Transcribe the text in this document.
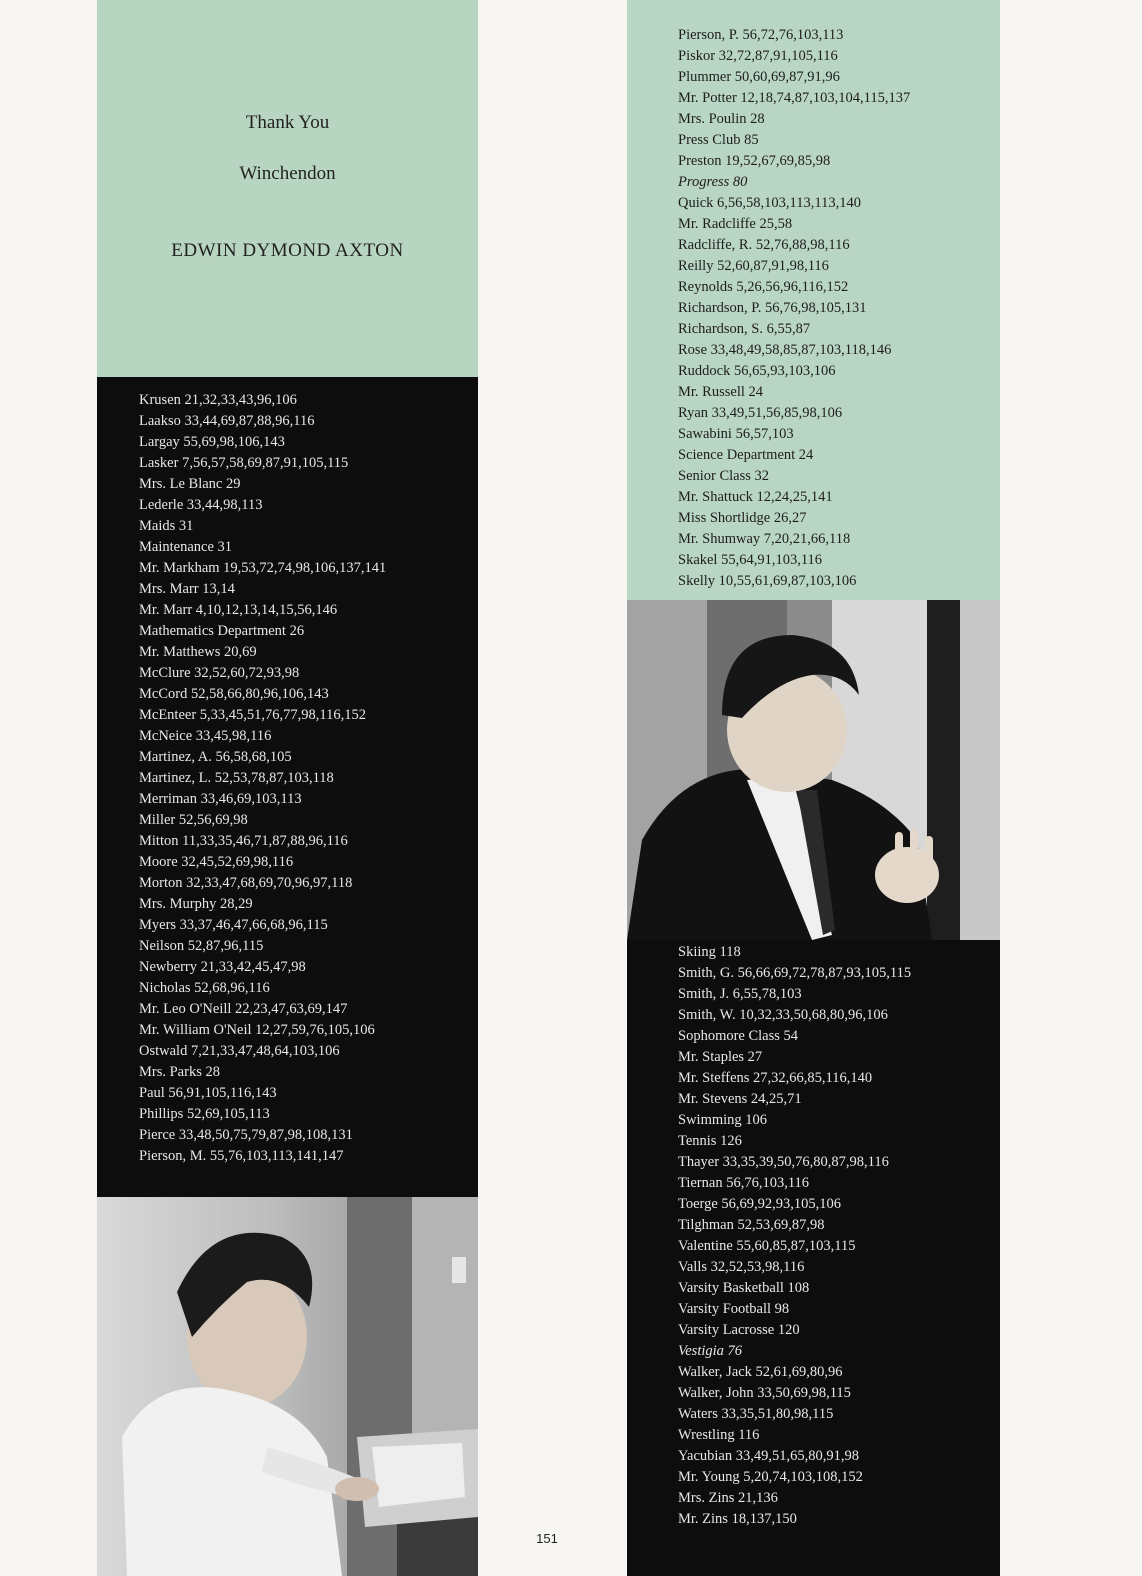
Thank You
Winchendon
EDWIN DYMOND AXTON
Krusen 21,32,33,43,96,106
Laakso 33,44,69,87,88,96,116
Largay 55,69,98,106,143
Lasker 7,56,57,58,69,87,91,105,115
Mrs. Le Blanc 29
Lederle 33,44,98,113
Maids 31
Maintenance 31
Mr. Markham 19,53,72,74,98,106,137,141
Mrs. Marr 13,14
Mr. Marr 4,10,12,13,14,15,56,146
Mathematics Department 26
Mr. Matthews 20,69
McClure 32,52,60,72,93,98
McCord 52,58,66,80,96,106,143
McEnteer 5,33,45,51,76,77,98,116,152
McNeice 33,45,98,116
Martinez, A. 56,58,68,105
Martinez, L. 52,53,78,87,103,118
Merriman 33,46,69,103,113
Miller 52,56,69,98
Mitton 11,33,35,46,71,87,88,96,116
Moore 32,45,52,69,98,116
Morton 32,33,47,68,69,70,96,97,118
Mrs. Murphy 28,29
Myers 33,37,46,47,66,68,96,115
Neilson 52,87,96,115
Newberry 21,33,42,45,47,98
Nicholas 52,68,96,116
Mr. Leo O'Neill 22,23,47,63,69,147
Mr. William O'Neil 12,27,59,76,105,106
Ostwald 7,21,33,47,48,64,103,106
Mrs. Parks 28
Paul 56,91,105,116,143
Phillips 52,69,105,113
Pierce 33,48,50,75,79,87,98,108,131
Pierson, M. 55,76,103,113,141,147
Pierson, P. 56,72,76,103,113
Piskor 32,72,87,91,105,116
Plummer 50,60,69,87,91,96
Mr. Potter 12,18,74,87,103,104,115,137
Mrs. Poulin 28
Press Club 85
Preston 19,52,67,69,85,98
Progress 80
Quick 6,56,58,103,113,113,140
Mr. Radcliffe 25,58
Radcliffe, R. 52,76,88,98,116
Reilly 52,60,87,91,98,116
Reynolds 5,26,56,96,116,152
Richardson, P. 56,76,98,105,131
Richardson, S. 6,55,87
Rose 33,48,49,58,85,87,103,118,146
Ruddock 56,65,93,103,106
Mr. Russell 24
Ryan 33,49,51,56,85,98,106
Sawabini 56,57,103
Science Department 24
Senior Class 32
Mr. Shattuck 12,24,25,141
Miss Shortlidge 26,27
Mr. Shumway 7,20,21,66,118
Skakel 55,64,91,103,116
Skelly 10,55,61,69,87,103,106
Skiing 118
Smith, G. 56,66,69,72,78,87,93,105,115
Smith, J. 6,55,78,103
Smith, W. 10,32,33,50,68,80,96,106
Sophomore Class 54
Mr. Staples 27
Mr. Steffens 27,32,66,85,116,140
Mr. Stevens 24,25,71
Swimming 106
Tennis 126
Thayer 33,35,39,50,76,80,87,98,116
Tiernan 56,76,103,116
Toerge 56,69,92,93,105,106
Tilghman 52,53,69,87,98
Valentine 55,60,85,87,103,115
Valls 32,52,53,98,116
Varsity Basketball 108
Varsity Football 98
Varsity Lacrosse 120
Vestigia 76
Walker, Jack 52,61,69,80,96
Walker, John 33,50,69,98,115
Waters 33,35,51,80,98,115
Wrestling 116
Yacubian 33,49,51,65,80,91,98
Mr. Young 5,20,74,103,108,152
Mrs. Zins 21,136
Mr. Zins 18,137,150
151
